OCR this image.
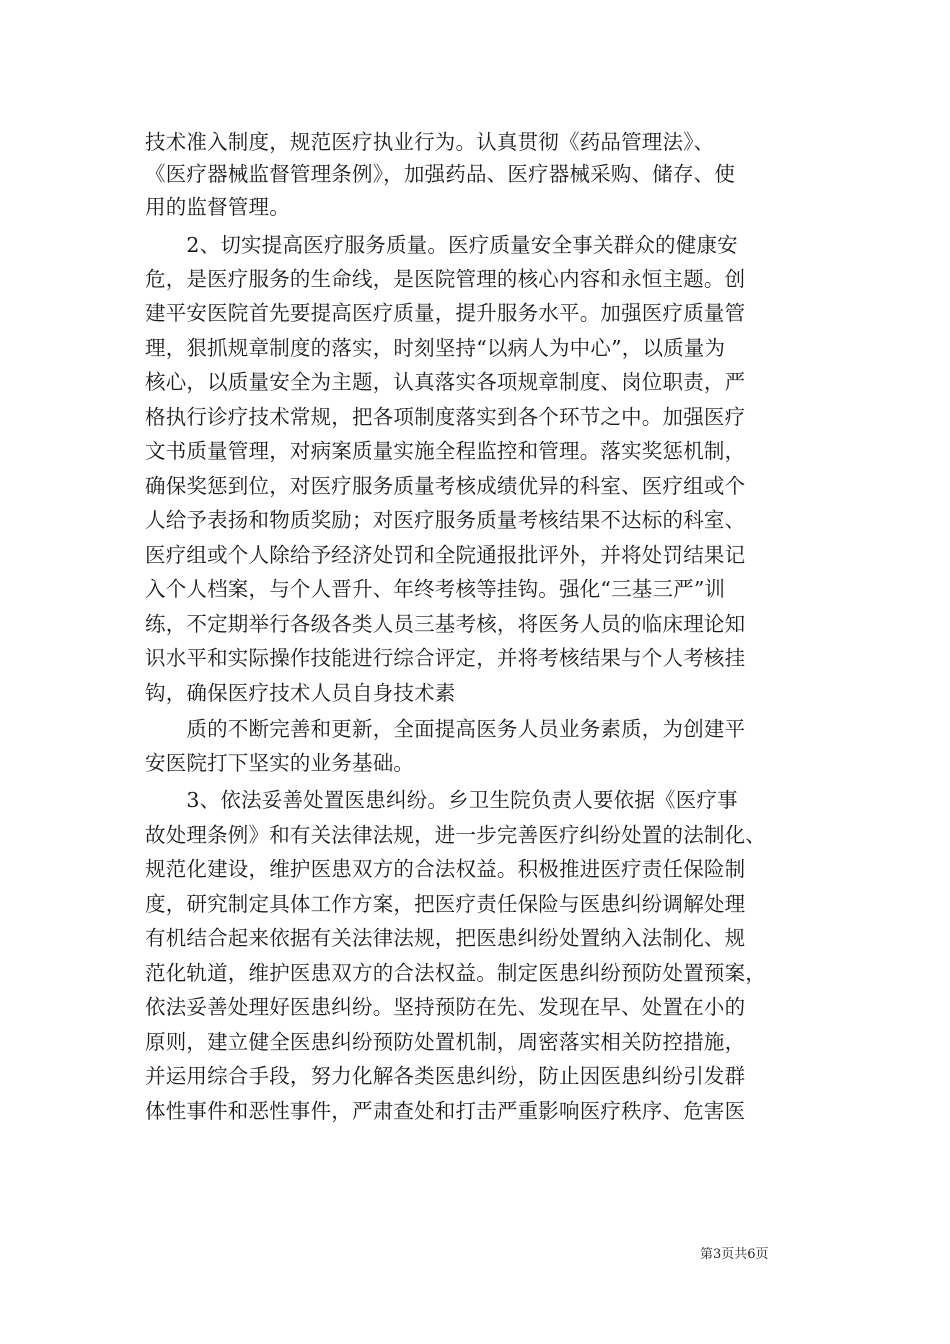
技术准入制度，规范医疗执业行为。认真贯彻《药品管理法》、
《医疗器械监督管理条例》，加强药品、医疗器械采购、储存、使
用的监督管理。
　　2、切实提高医疗服务质量。医疗质量安全事关群众的健康安
危，是医疗服务的生命线，是医院管理的核心内容和永恒主题。创
建平安医院首先要提高医疗质量，提升服务水平。加强医疗质量管
理，狠抓规章制度的落实，时刻坚持“以病人为中心”，以质量为
核心，以质量安全为主题，认真落实各项规章制度、岗位职责，严
格执行诊疗技术常规，把各项制度落实到各个环节之中。加强医疗
文书质量管理，对病案质量实施全程监控和管理。落实奖惩机制，
确保奖惩到位，对医疗服务质量考核成绩优异的科室、医疗组或个
人给予表扬和物质奖励；对医疗服务质量考核结果不达标的科室、
医疗组或个人除给予经济处罚和全院通报批评外，并将处罚结果记
入个人档案，与个人晋升、年终考核等挂钩。强化“三基三严”训
练，不定期举行各级各类人员三基考核，将医务人员的临床理论知
识水平和实际操作技能进行综合评定，并将考核结果与个人考核挂
钩，确保医疗技术人员自身技术素
　　质的不断完善和更新，全面提高医务人员业务素质，为创建平
安医院打下坚实的业务基础。
　　3、依法妥善处置医患纠纷。乡卫生院负责人要依据《医疗事
故处理条例》和有关法律法规，进一步完善医疗纠纷处置的法制化、
规范化建设，维护医患双方的合法权益。积极推进医疗责任保险制
度，研究制定具体工作方案，把医疗责任保险与医患纠纷调解处理
有机结合起来依据有关法律法规，把医患纠纷处置纳入法制化、规
范化轨道，维护医患双方的合法权益。制定医患纠纷预防处置预案，
依法妥善处理好医患纠纷。坚持预防在先、发现在早、处置在小的
原则，建立健全医患纠纷预防处置机制，周密落实相关防控措施，
并运用综合手段，努力化解各类医患纠纷，防止因医患纠纷引发群
体性事件和恶性事件，严肃查处和打击严重影响医疗秩序、危害医
第3页共6页
